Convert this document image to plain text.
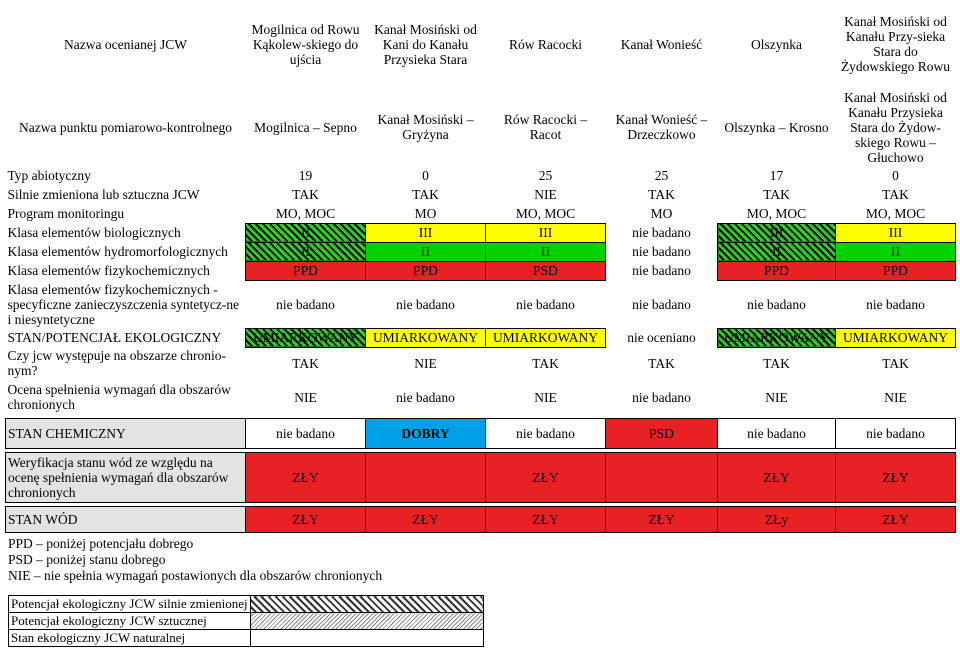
Nazwa ocenianej JCW	Mogilnica od Rowu Kąkolew-skiego do ujścia	Kanał Mosiński od Kani do Kanału Przysieka Stara	Rów Racocki	Kanał Wonieść	Olszynka	Kanał Mosiński od Kanału Przy-sieka Stara do Żydowskiego Rowu
Nazwa punktu pomiarowo-kontrolnego	Mogilnica – Sepno	Kanał Mosiński – Gryżyna	Rów Racocki – Racot	Kanał Wonieść – Drzeczkowo	Olszynka – Krosno	Kanał Mosiński od Kanału Przysieka Stara do Żydow-skiego Rowu – Głuchowo
Typ abiotyczny	19	0	25	25	17	0
Silnie zmieniona lub sztuczna JCW	TAK	TAK	NIE	TAK	TAK	TAK
Program monitoringu	MO, MOC	MO	MO, MOC	MO	MO, MOC	MO, MOC
Klasa elementów biologicznych	II	III	III	nie badano	III	III
Klasa elementów hydromorfologicznych	II	II	II	nie badano	II	II
Klasa elementów fizykochemicznych	PPD	PPD	PSD	nie badano	PPD	PPD
Klasa elementów fizykochemicznych - specyficzne zanieczyszczenia syntetycz-ne i niesyntetyczne	nie badano	nie badano	nie badano	nie badano	nie badano	nie badano
STAN/POTENCJAŁ EKOLOGICZNY	UMIARKOWANY	UMIARKOWANY	UMIARKOWANY	nie oceniano	UMIARKOWANY	UMIARKOWANY
Czy jcw występuje na obszarze chronio-nym?	TAK	NIE	TAK	TAK	TAK	TAK
Ocena spełnienia wymagań dla obszarów chronionych	NIE	nie badano	NIE	nie badano	NIE	NIE

STAN CHEMICZNY	nie badano	DOBRY	nie badano	PSD	nie badano	nie badano

Weryfikacja stanu wód ze względu na ocenę spełnienia wymagań dla obszarów chronionych	ZŁY		ZŁY		ZŁY	ZŁY

STAN WÓD	ZŁY	ZŁY	ZŁY	ZŁY	ZŁy	ZŁY
PPD – poniżej potencjału dobrego
PSD – poniżej stanu dobrego
NIE – nie spełnia wymagań postawionych dla obszarów chronionych
Potencjał ekologiczny JCW silnie zmienionej	
Potencjał ekologiczny JCW sztucznej	
Stan ekologiczny JCW naturalnej	
